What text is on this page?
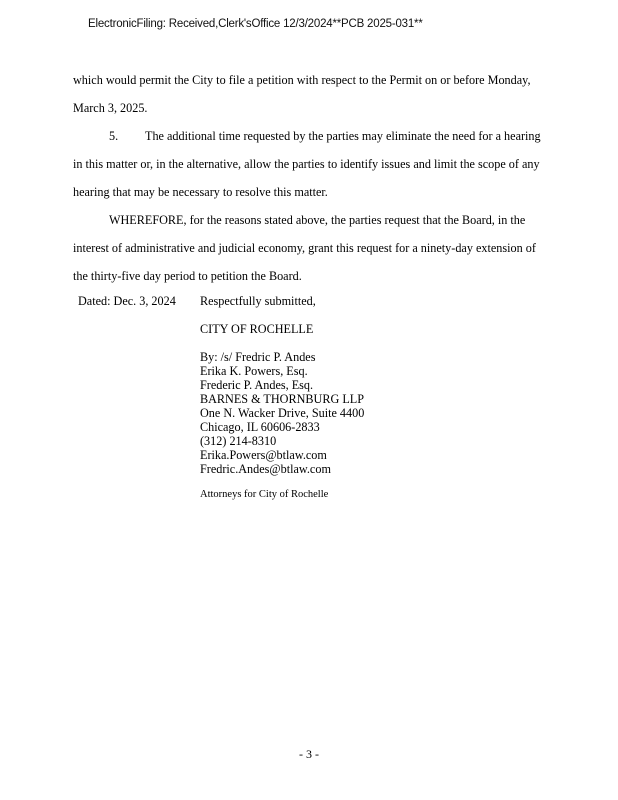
ElectronicFiling: Received,Clerk'sOffice 12/3/2024**PCB 2025-031**

which would permit the City to file a petition with respect to the Permit on or before Monday, March 3, 2025.

5. The additional time requested by the parties may eliminate the need for a hearing in this matter or, in the alternative, allow the parties to identify issues and limit the scope of any hearing that may be necessary to resolve this matter.

WHEREFORE, for the reasons stated above, the parties request that the Board, in the interest of administrative and judicial economy, grant this request for a ninety-day extension of the thirty-five day period to petition the Board.

Dated: Dec. 3, 2024	Respectfully submitted,
CITY OF ROCHELLE
By: /s/ Fredric P. Andes
Erika K. Powers, Esq.
Frederic P. Andes, Esq.
BARNES & THORNBURG LLP
One N. Wacker Drive, Suite 4400
Chicago, IL 60606-2833
(312) 214-8310
Erika.Powers@btlaw.com
Fredric.Andes@btlaw.com
Attorneys for City of Rochelle
- 3 -
